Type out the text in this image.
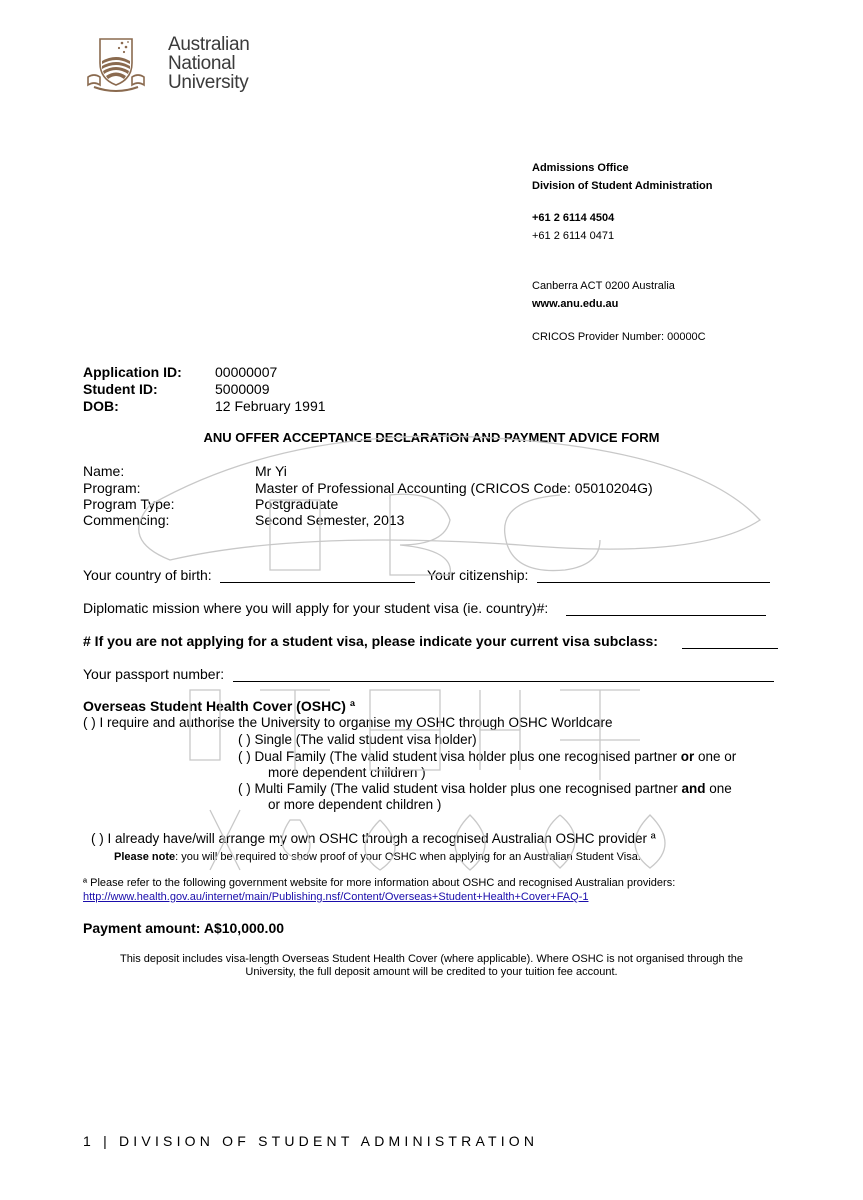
Australian
National
University
Admissions Office
Division of Student Administration
+61 2 6114 4504
+61 2 6114 0471
Canberra ACT 0200 Australia
www.anu.edu.au
CRICOS Provider Number: 00000C
Application ID: 00000007
Student ID:	5000009
DOB:	12 February 1991
ANU OFFER ACCEPTANCE DECLARATION AND PAYMENT ADVICE FORM
Name:	Mr Yi
Program:	Master of Professional Accounting (CRICOS Code: 05010204G)
Program Type:	Postgraduate
Commencing:	Second Semester, 2013
Your country of birth:	Your citizenship:
Diplomatic mission where you will apply for your student visa (ie. country)#:
# If you are not applying for a student visa, please indicate your current visa subclass:
Your passport number:
Overseas Student Health Cover (OSHC) ª
( ) I require and authorise the University to organise my OSHC through OSHC Worldcare
( ) Single (The valid student visa holder)
( ) Dual Family (The valid student visa holder plus one recognised partner or one or
more dependent children )
( ) Multi Family (The valid student visa holder plus one recognised partner and one
or more dependent children )
( ) I already have/will arrange my own OSHC through a recognised Australian OSHC provider ª
Please note: you will be required to show proof of your OSHC when applying for an Australian Student Visa.
ª Please refer to the following government website for more information about OSHC and recognised Australian providers:
http://www.health.gov.au/internet/main/Publishing.nsf/Content/Overseas+Student+Health+Cover+FAQ-1
Payment amount: A$10,000.00
This deposit includes visa-length Overseas Student Health Cover (where applicable). Where OSHC is not organised through the
University, the full deposit amount will be credited to your tuition fee account.
1 | DIVISION OF STUDENT ADMINISTRATION
